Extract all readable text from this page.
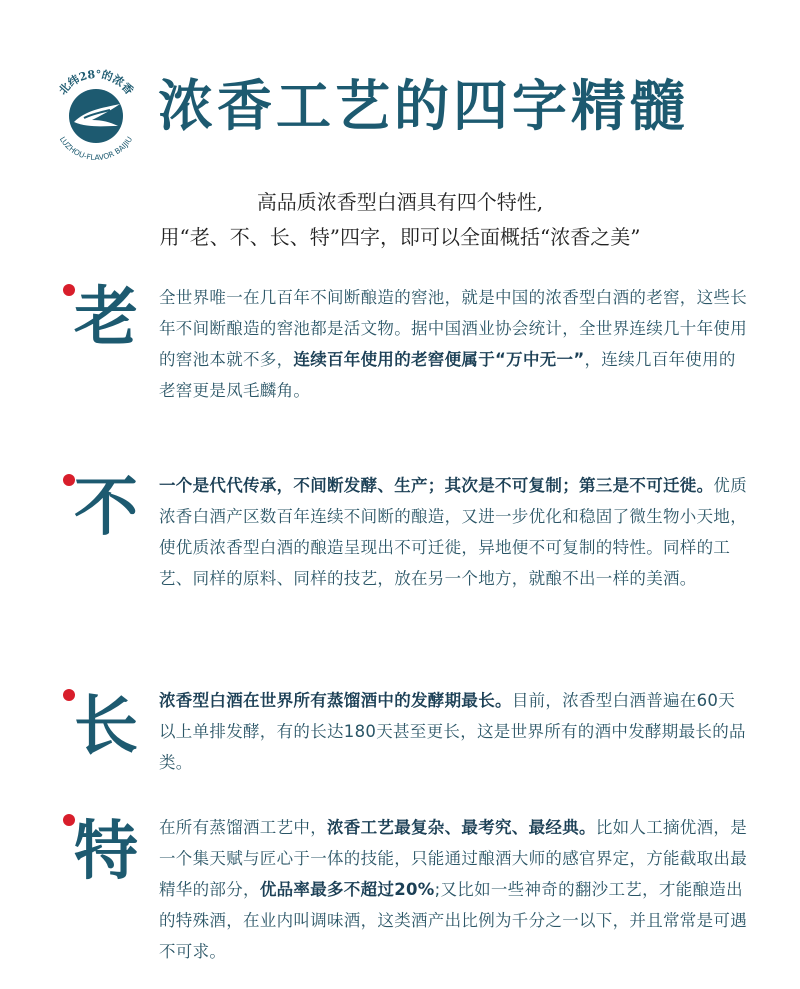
北纬28°的浓香
LUZHOU-FLAVOR BAIJIU
浓香工艺的四字精髓
高品质浓香型白酒具有四个特性,
用“老、不、长、特”四字，即可以全面概括“浓香之美”
老 全世界唯一在几百年不间断酿造的窖池，就是中国的浓香型白酒的老窖，这些长年不间断酿造的窖池都是活文物。据中国酒业协会统计，全世界连续几十年使用的窖池本就不多，连续百年使用的老窖便属于“万中无一”，连续几百年使用的老窖更是凤毛麟角。
不 一个是代代传承，不间断发酵、生产；其次是不可复制；第三是不可迁徙。优质浓香白酒产区数百年连续不间断的酿造，又进一步优化和稳固了微生物小天地，使优质浓香型白酒的酿造呈现出不可迁徙，异地便不可复制的特性。同样的工艺、同样的原料、同样的技艺，放在另一个地方，就酿不出一样的美酒。
长 浓香型白酒在世界所有蒸馏酒中的发酵期最长。目前，浓香型白酒普遍在60天以上单排发酵，有的长达180天甚至更长，这是世界所有的酒中发酵期最长的品类。
特 在所有蒸馏酒工艺中，浓香工艺最复杂、最考究、最经典。比如人工摘优酒，是一个集天赋与匠心于一体的技能，只能通过酿酒大师的感官界定，方能截取出最精华的部分，优品率最多不超过20%;又比如一些神奇的翻沙工艺，才能酿造出的特殊酒，在业内叫调味酒，这类酒产出比例为千分之一以下，并且常常是可遇不可求。
